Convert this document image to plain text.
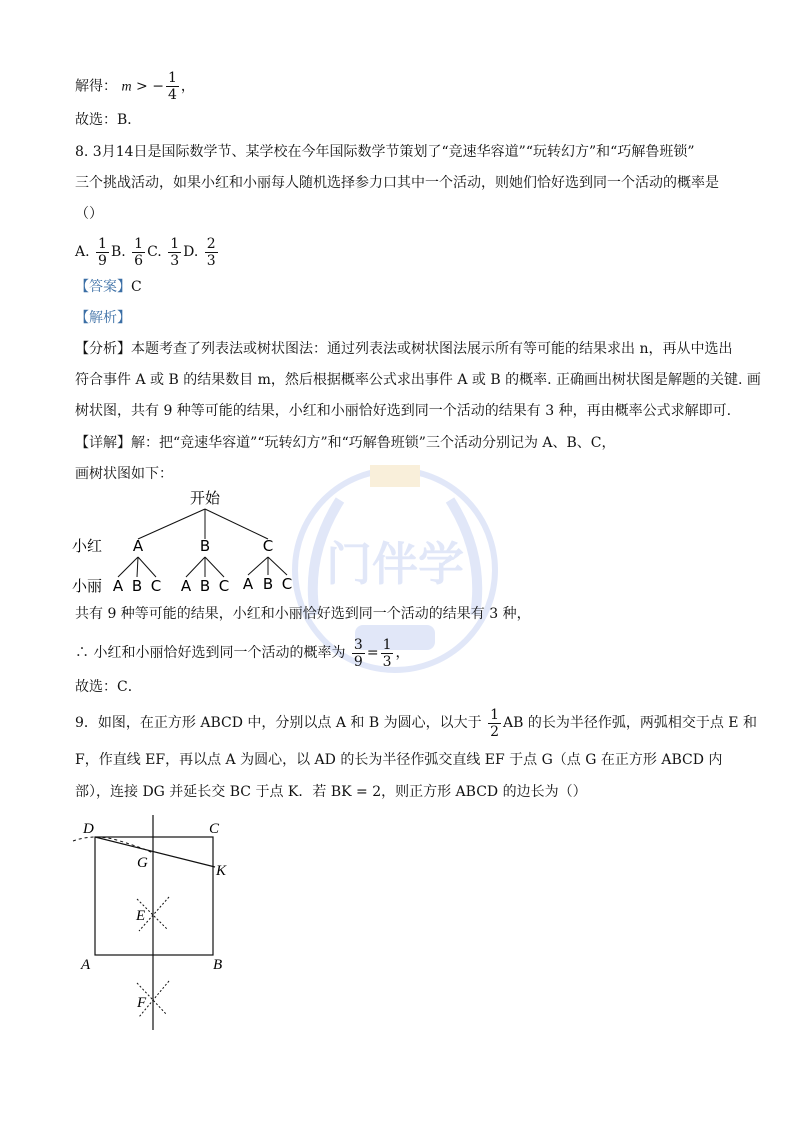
门伴学
解得： m > − $\frac{1}{4}$ ，
故选：B．
8. 3月14日是国际数学节、某学校在今年国际数学节策划了“竞速华容道”“玩转幻方”和“巧解鲁班锁”
三个挑战活动，如果小红和小丽每人随机选择参力口其中一个活动，则她们恰好选到同一个活动的概率是
（）
A. $\frac{1}{9} B$. $\frac{1}{6} C$. $\frac{1}{3} D$. $\frac{2}{3}$
【答案】C
【解析】
【分析】本题考查了列表法或树状图法：通过列表法或树状图法展示所有等可能的结果求出 n，再从中选出
符合事件 A 或 B 的结果数目 m，然后根据概率公式求出事件 A 或 B 的概率. 正确画出树状图是解题的关键. 画
树状图，共有 9 种等可能的结果，小红和小丽恰好选到同一个活动的结果有 3 种，再由概率公式求解即可.
【详解】解：把“竞速华容道”“玩转幻方”和“巧解鲁班锁”三个活动分别记为 A、B、C，
画树状图如下：
开始
小红 A	B	C
小丽 A B C A B C A B C
共有 9 种等可能的结果，小红和小丽恰好选到同一个活动的结果有 3 种，
∴ 小红和小丽恰好选到同一个活动的概率为 $\frac{3}{9} = \frac{1}{3}$ ，
故选：C．
9．如图，在正方形 ABCD 中，分别以点 A 和 B 为圆心，以大于 $\frac{1}{2}$ AB 的长为半径作弧，两弧相交于点 E 和
F，作直线 EF，再以点 A 为圆心，以 AD 的长为半径作弧交直线 EF 于点 G（点 G 在正方形 ABCD 内
部），连接 DG 并延长交 BC 于点 K．若 BK = 2，则正方形 ABCD 的边长为（）
D	C
G	K
E
A	B
F
